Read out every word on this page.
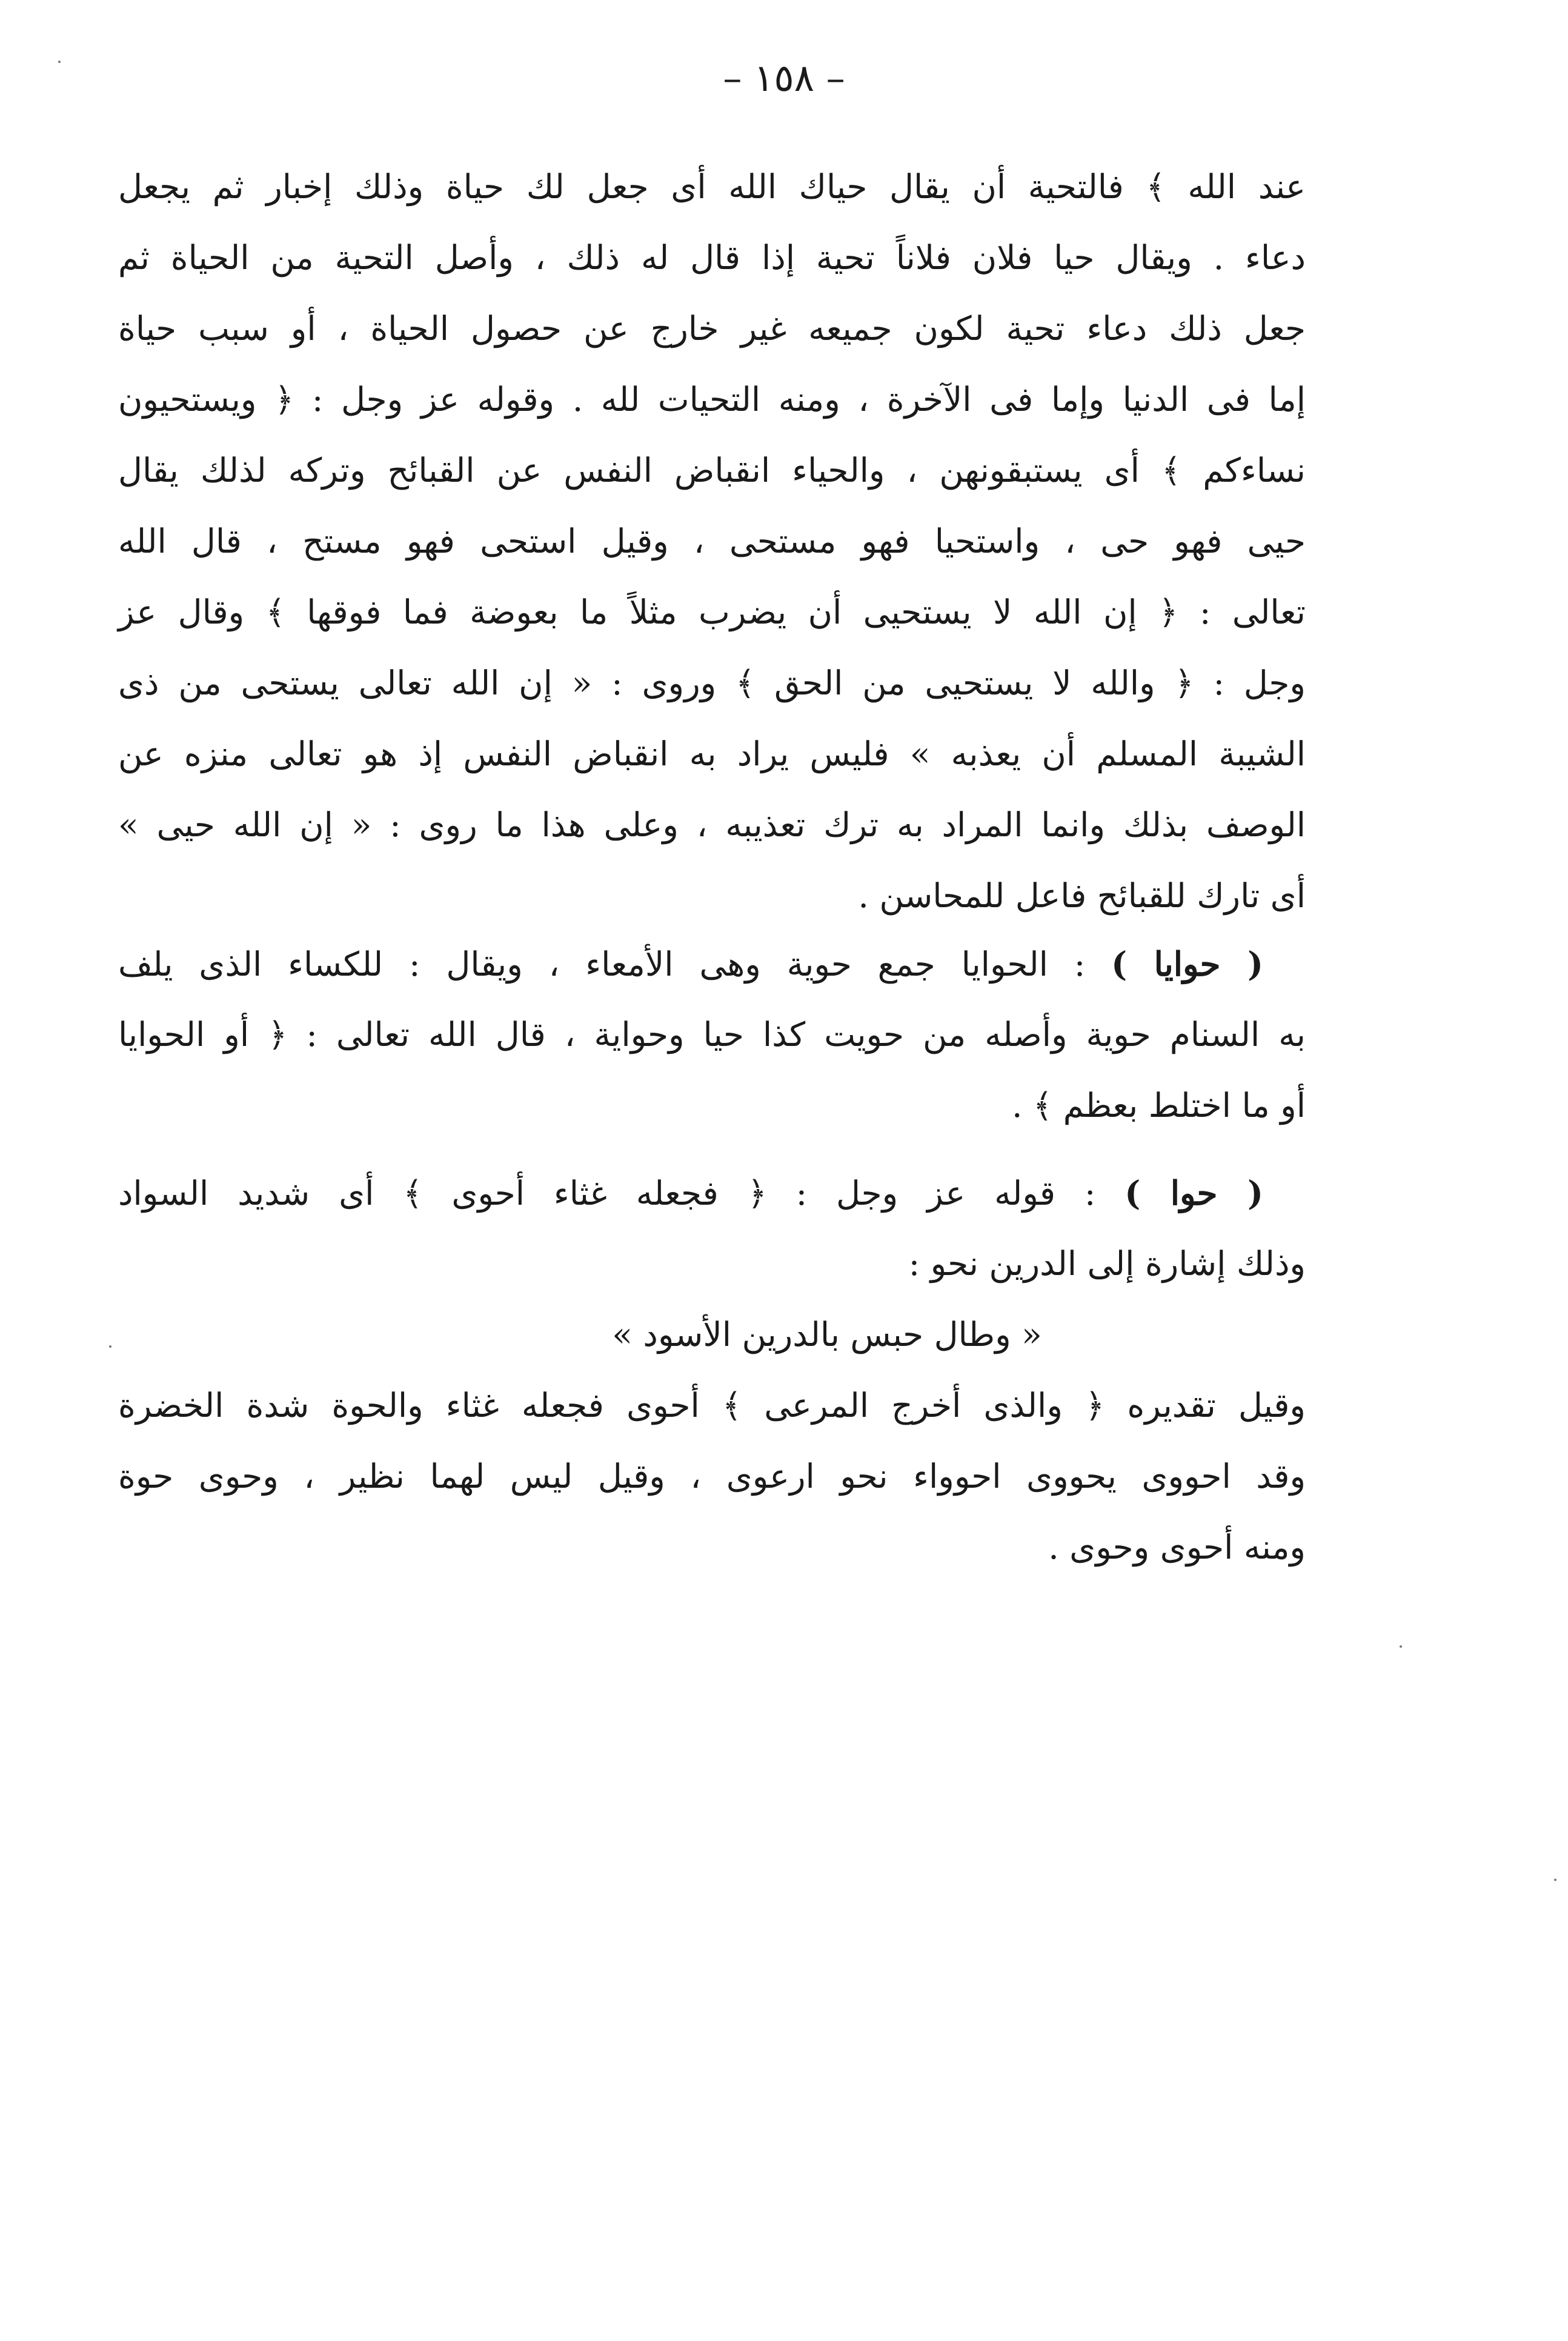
– ١٥٨ –
عند الله ﴾ فالتحية أن يقال حياك الله أى جعل لك حياة وذلك إخبار ثم يجعل
دعاء . ويقال حيا فلان فلاناً تحية إذا قال له ذلك ، وأصل التحية من الحياة ثم
جعل ذلك دعاء تحية لكون جميعه غير خارج عن حصول الحياة ، أو سبب حياة
إما فى الدنيا وإما فى الآخرة ، ومنه التحيات لله . وقوله عز وجل : ﴿ ويستحيون
نساءكم ﴾ أى يستبقونهن ، والحياء انقباض النفس عن القبائح وتركه لذلك يقال
حيى فهو حى ، واستحيا فهو مستحى ، وقيل استحى فهو مستح ، قال الله
تعالى : ﴿ إن الله لا يستحيى أن يضرب مثلاً ما بعوضة فما فوقها ﴾ وقال عز
وجل : ﴿ والله لا يستحيى من الحق ﴾ وروى : « إن الله تعالى يستحى من ذى
الشيبة المسلم أن يعذبه » فليس يراد به انقباض النفس إذ هو تعالى منزه عن
الوصف بذلك وانما المراد به ترك تعذيبه ، وعلى هذا ما روى : « إن الله حيى »
أى تارك للقبائح فاعل للمحاسن .
( حوايا ) : الحوايا جمع حوية وهى الأمعاء ، ويقال : للكساء الذى يلف
به السنام حوية وأصله من حويت كذا حيا وحواية ، قال الله تعالى : ﴿ أو الحوايا
أو ما اختلط بعظم ﴾ .
( حوا ) : قوله عز وجل : ﴿ فجعله غثاء أحوى ﴾ أى شديد السواد
وذلك إشارة إلى الدرين نحو :
« وطال حبس بالدرين الأسود »
وقيل تقديره ﴿ والذى أخرج المرعى ﴾ أحوى فجعله غثاء والحوة شدة الخضرة
وقد احووى يحووى احوواء نحو ارعوى ، وقيل ليس لهما نظير ، وحوى حوة
ومنه أحوى وحوى .
